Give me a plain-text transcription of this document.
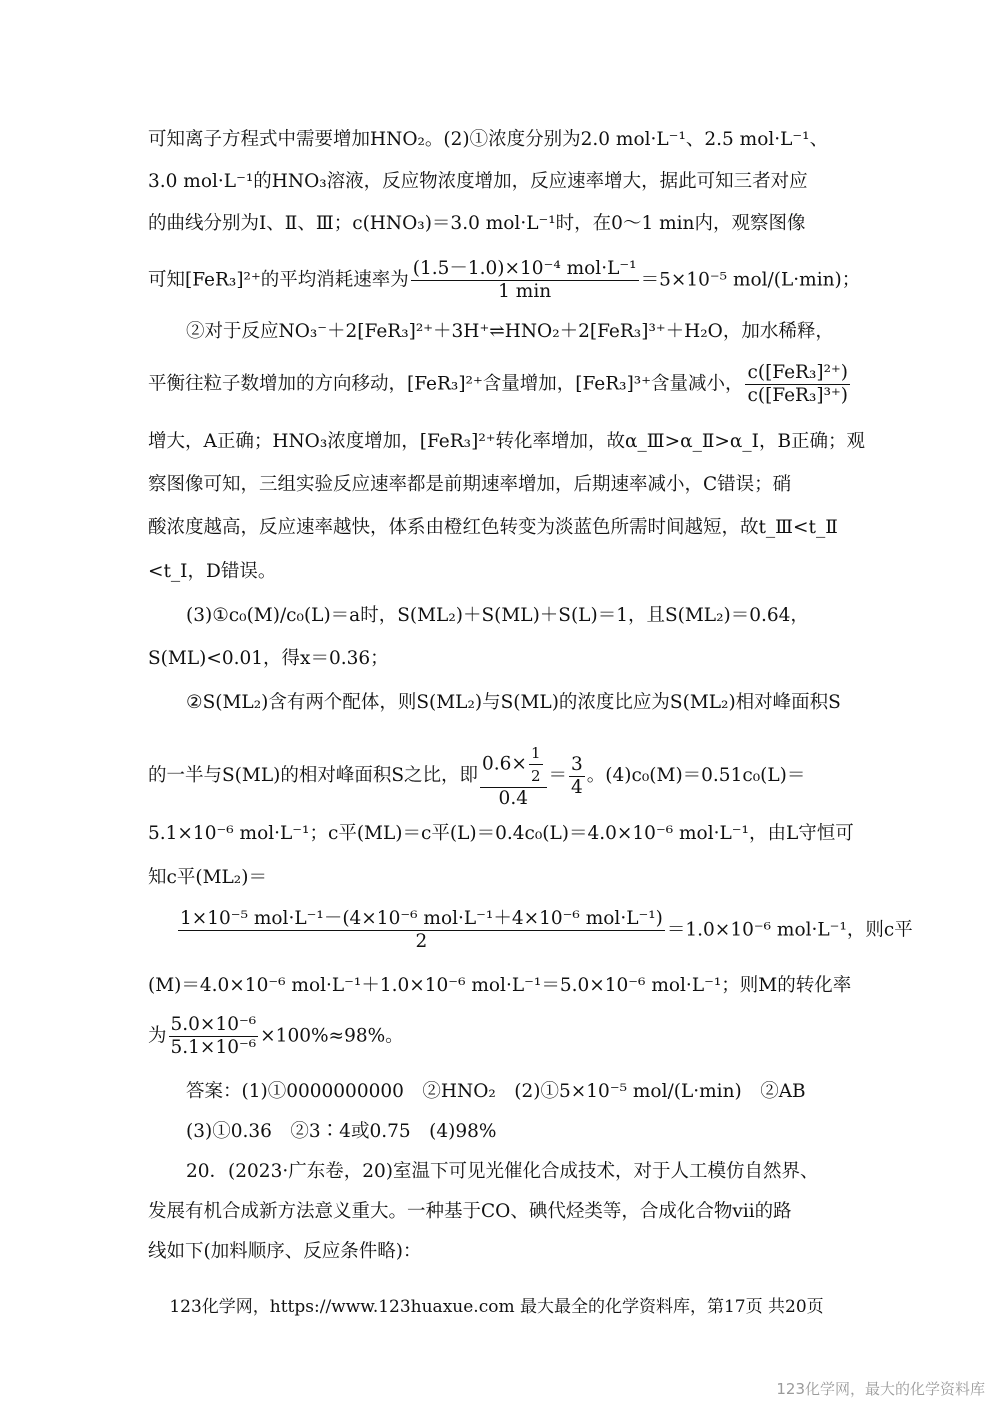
可知离子方程式中需要增加HNO₂。(2)①浓度分别为2.0 mol·L⁻¹、2.5 mol·L⁻¹、
3.0 mol·L⁻¹的HNO₃溶液，反应物浓度增加，反应速率增大，据此可知三者对应
的曲线分别为Ⅰ、Ⅱ、Ⅲ；c(HNO₃)＝3.0 mol·L⁻¹时，在0～1 min内，观察图像
可知[FeR₃]²⁺的平均消耗速率为 $\frac{\text{(1.5－1.0)×10⁻⁴ mol·L⁻¹}}{1 \min} =5\times 10^{-5}$ mol/(L·min)；
②对于反应NO₃⁻＋2[FeR₃]²⁺＋3H⁺⇌HNO₂＋2[FeR₃]³⁺＋H₂O，加水稀释，
平衡往粒子数增加的方向移动，[FeR₃]²⁺含量增加，[FeR₃]³⁺含量减小， $\frac{\text{c([FeR₃]²⁺)}}{\text{c([FeR₃]³⁺)}}$
增大，A正确；HNO₃浓度增加，[FeR₃]²⁺转化率增加，故α_Ⅲ>α_Ⅱ>α_Ⅰ，B正确；观
察图像可知，三组实验反应速率都是前期速率增加，后期速率减小，C错误；硝
酸浓度越高，反应速率越快，体系由橙红色转变为淡蓝色所需时间越短，故t_Ⅲ<t_Ⅱ
<t_Ⅰ，D错误。
(3)①c₀(M)/c₀(L)＝a时，S(ML₂)＋S(ML)＋S(L)＝1，且S(ML₂)＝0.64，
S(ML)<0.01，得x＝0.36；
②S(ML₂)含有两个配体，则S(ML₂)与S(ML)的浓度比应为S(ML₂)相对峰面积S
的一半与S(ML)的相对峰面积S之比，即 $\frac{0.6\times \frac{1}{2}}{0.4} = \frac{3}{4}$ 。(4)c₀(M)＝0.51c₀(L)＝
5.1×10⁻⁶ mol·L⁻¹；c平(ML)＝c平(L)＝0.4c₀(L)＝4.0×10⁻⁶ mol·L⁻¹，由L守恒可
知c平(ML₂)＝
$\frac{\text{1×10⁻⁵ mol·L⁻¹－(4×10⁻⁶ mol·L⁻¹＋4×10⁻⁶ mol·L⁻¹)}}{2} =1.0\times 10^{-6}$ mol·L⁻¹，则c平
(M)＝4.0×10⁻⁶ mol·L⁻¹＋1.0×10⁻⁶ mol·L⁻¹＝5.0×10⁻⁶ mol·L⁻¹；则M的转化率
为 $\frac{\text{5.0×10⁻⁶}}{\text{5.1×10⁻⁶}} \times 100\%\approx 98\%$。
答案：(1)①0000000000　②HNO₂　(2)①5×10⁻⁵ mol/(L·min)　②AB
(3)①0.36　②3∶4或0.75　(4)98%
20．(2023·广东卷，20)室温下可见光催化合成技术，对于人工模仿自然界、
发展有机合成新方法意义重大。一种基于CO、碘代烃类等，合成化合物ⅶ的路
线如下(加料顺序、反应条件略)：
123化学网，https://www.123huaxue.com 最大最全的化学资料库，第17页 共20页
123化学网，最大的化学资料库
